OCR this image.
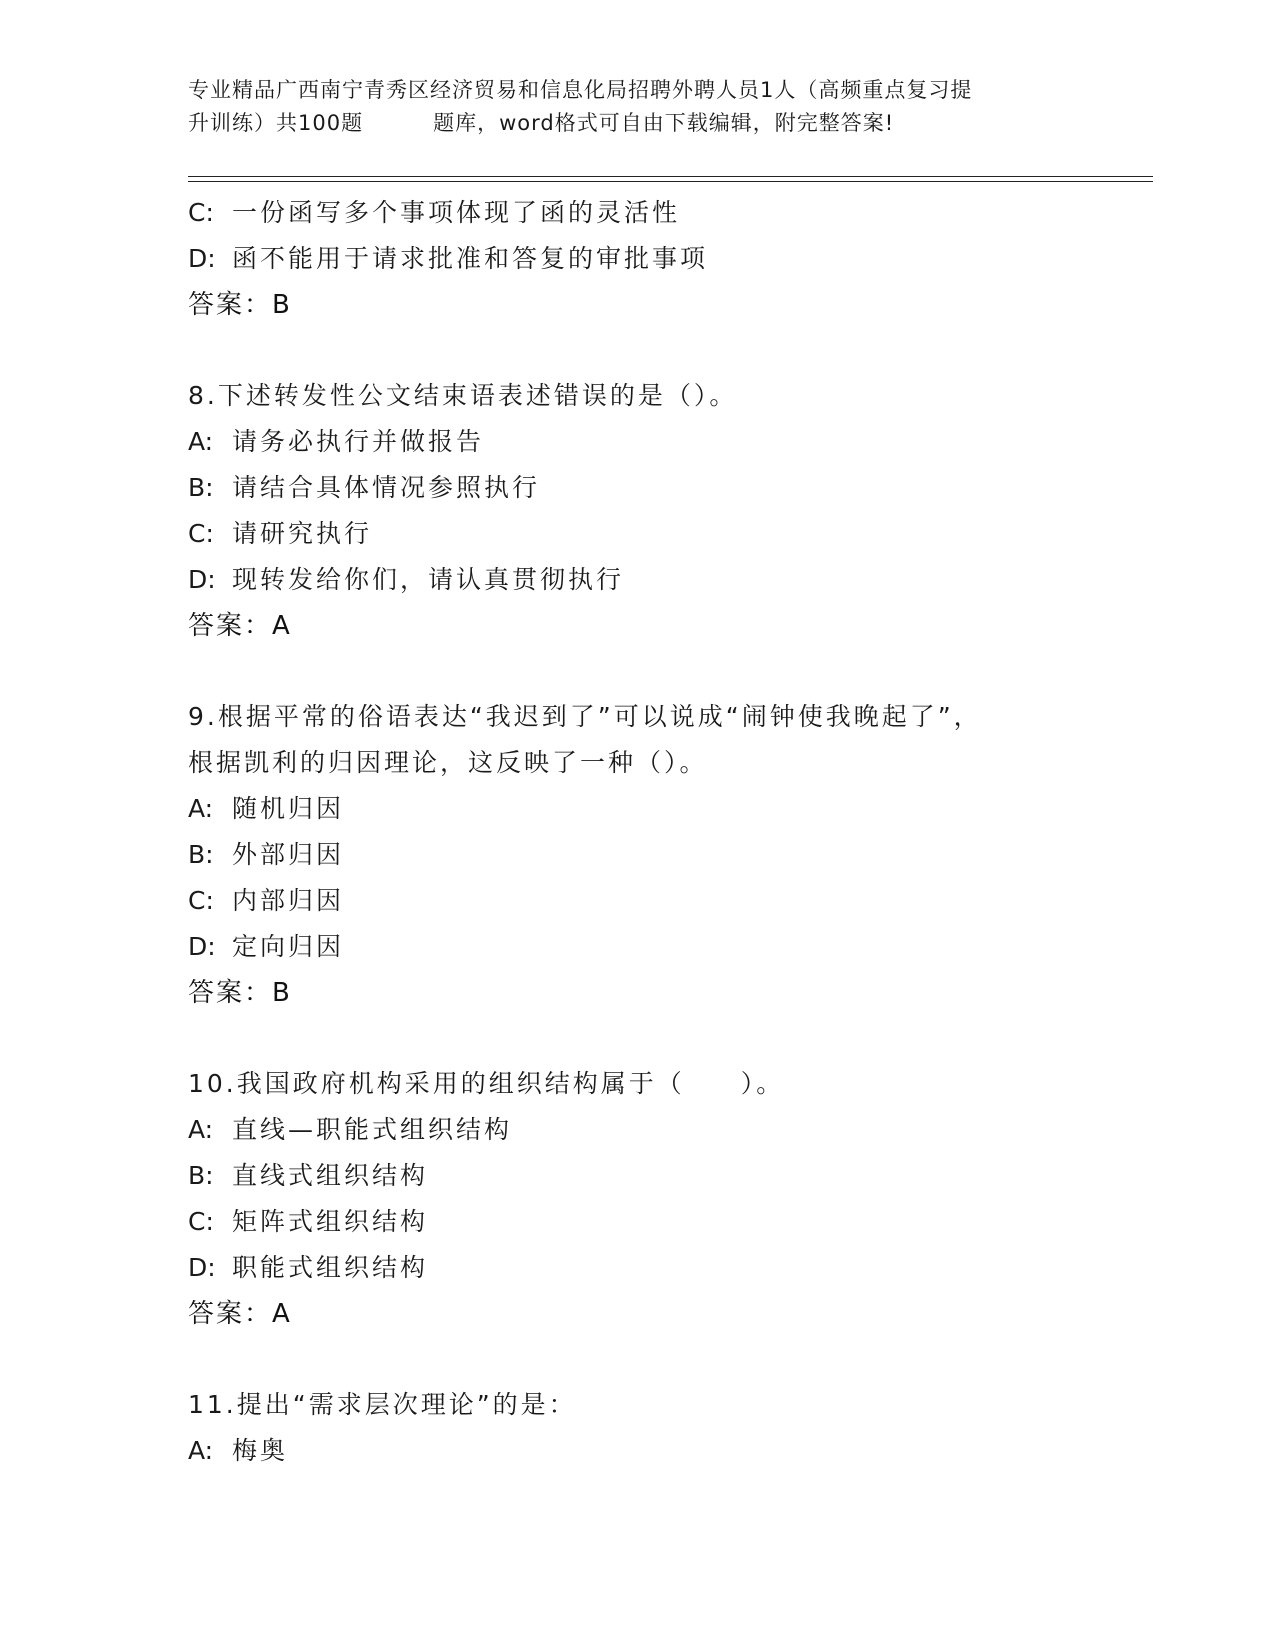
专业精品广西南宁青秀区经济贸易和信息化局招聘外聘人员1人（高频重点复习提
升训练）共100题	题库，word格式可自由下载编辑，附完整答案!
C: 一份函写多个事项体现了函的灵活性
D: 函不能用于请求批准和答复的审批事项
答案：B
8.下述转发性公文结束语表述错误的是（）。
A: 请务必执行并做报告
B: 请结合具体情况参照执行
C: 请研究执行
D: 现转发给你们，请认真贯彻执行
答案：A
9.根据平常的俗语表达“我迟到了”可以说成“闹钟使我晚起了”，
根据凯利的归因理论，这反映了一种（）。
A: 随机归因
B: 外部归因
C: 内部归因
D: 定向归因
答案：B
10.我国政府机构采用的组织结构属于（　　）。
A: 直线—职能式组织结构
B: 直线式组织结构
C: 矩阵式组织结构
D: 职能式组织结构
答案：A
11.提出“需求层次理论”的是：
A: 梅奥
